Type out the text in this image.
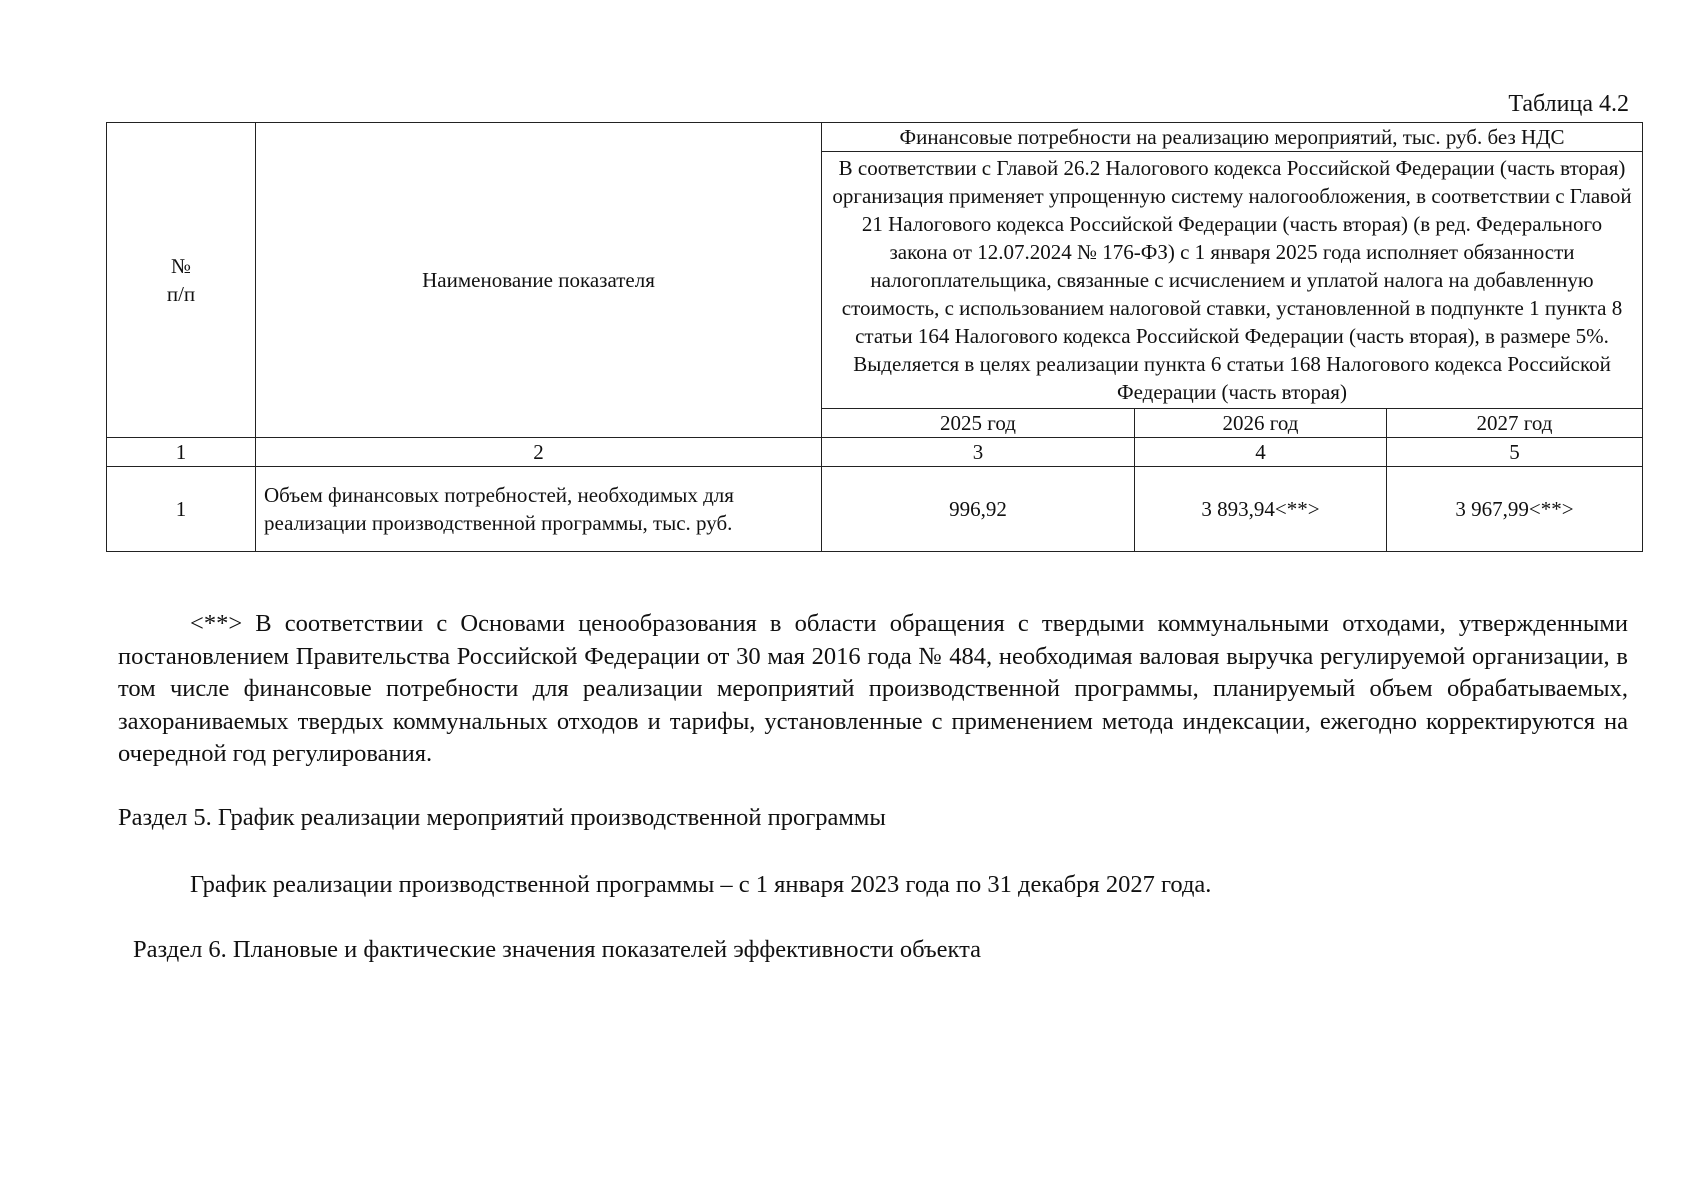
Таблица 4.2

№
п/п	Наименование показателя	Финансовые потребности на реализацию мероприятий, тыс. руб. без НДС		
		В соответствии с Главой 26.2 Налогового кодекса Российской Федерации (часть вторая) организация применяет упрощенную систему налогообложения, в соответствии с Главой 21 Налогового кодекса Российской Федерации (часть вторая) (в ред. Федерального закона от 12.07.2024 № 176-ФЗ) с 1 января 2025 года исполняет обязанности налогоплательщика, связанные с исчислением и уплатой налога на добавленную стоимость, с использованием налоговой ставки, установленной в подпункте 1 пункта 8 статьи 164 Налогового кодекса Российской Федерации (часть вторая), в размере 5%. Выделяется в целях реализации пункта 6 статьи 168 Налогового кодекса Российской Федерации (часть вторая)		
		2025 год	2026 год	2027 год
1	2	3	4	5
1	Объем финансовых потребностей, необходимых для реализации производственной программы, тыс. руб.	996,92	3 893,94<**>	3 967,99<**>

<**> В соответствии с Основами ценообразования в области обращения с твердыми коммунальными отходами, утвержденными постановлением Правительства Российской Федерации от 30 мая 2016 года № 484, необходимая валовая выручка регулируемой организации, в том числе финансовые потребности для реализации мероприятий производственной программы, планируемый объем обрабатываемых, захораниваемых твердых коммунальных отходов и тарифы, установленные с применением метода индексации, ежегодно корректируются на очередной год регулирования.

Раздел 5. График реализации мероприятий производственной программы

График реализации производственной программы – с 1 января 2023 года по 31 декабря 2027 года.

Раздел 6. Плановые и фактические значения показателей эффективности объекта
